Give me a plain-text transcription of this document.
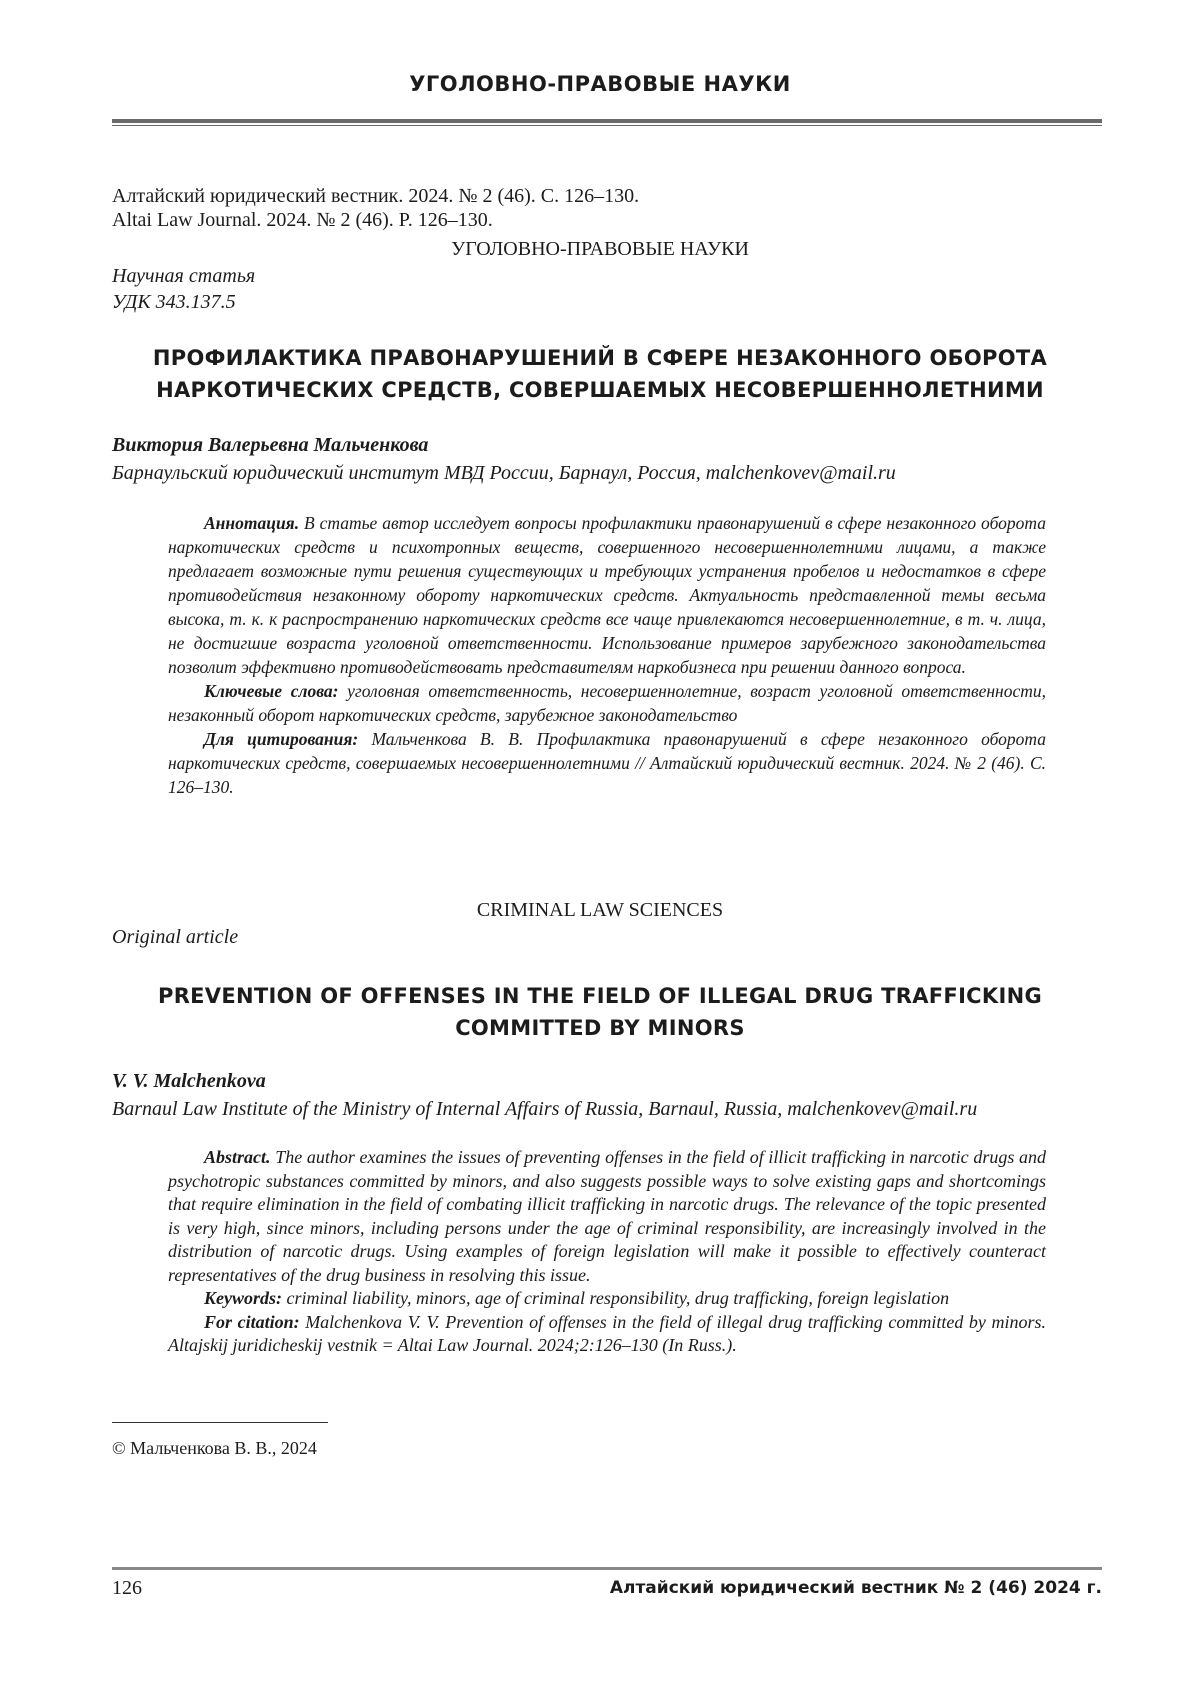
УГОЛОВНО-ПРАВОВЫЕ НАУКИ
Алтайский юридический вестник. 2024. № 2 (46). С. 126–130.
Altai Law Journal. 2024. № 2 (46). P. 126–130.
УГОЛОВНО-ПРАВОВЫЕ НАУКИ
Научная статья
УДК 343.137.5
ПРОФИЛАКТИКА ПРАВОНАРУШЕНИЙ В СФЕРЕ НЕЗАКОННОГО ОБОРОТА
НАРКОТИЧЕСКИХ СРЕДСТВ, СОВЕРШАЕМЫХ НЕСОВЕРШЕННОЛЕТНИМИ
Виктория Валерьевна Мальченкова
Барнаульский юридический институт МВД России, Барнаул, Россия, malchenkovev@mail.ru

Аннотация. В статье автор исследует вопросы профилактики правонарушений в сфере незаконного оборота наркотических средств и психотропных веществ, совершенного несовершеннолетними лицами, а также предлагает возможные пути решения существующих и требующих устранения пробелов и недостатков в сфере противодействия незаконному обороту наркотических средств. Актуальность представленной темы весьма высока, т. к. к распространению наркотических средств все чаще привлекаются несовершеннолетние, в т. ч. лица, не достигшие возраста уголовной ответственности. Использование примеров зарубежного законодательства позволит эффективно противодействовать представителям наркобизнеса при решении данного вопроса.

Ключевые слова: уголовная ответственность, несовершеннолетние, возраст уголовной ответственности, незаконный оборот наркотических средств, зарубежное законодательство

Для цитирования: Мальченкова В. В. Профилактика правонарушений в сфере незаконного оборота наркотических средств, совершаемых несовершеннолетними // Алтайский юридический вестник. 2024. № 2 (46). С. 126–130.

CRIMINAL LAW SCIENCES
Original article
PREVENTION OF OFFENSES IN THE FIELD OF ILLEGAL DRUG TRAFFICKING
COMMITTED BY MINORS
V. V. Malchenkova
Barnaul Law Institute of the Ministry of Internal Affairs of Russia, Barnaul, Russia, malchenkovev@mail.ru

Abstract. The author examines the issues of preventing offenses in the field of illicit trafficking in narcotic drugs and psychotropic substances committed by minors, and also suggests possible ways to solve existing gaps and shortcomings that require elimination in the field of combating illicit trafficking in narcotic drugs. The relevance of the topic presented is very high, since minors, including persons under the age of criminal responsibility, are increasingly involved in the distribution of narcotic drugs. Using examples of foreign legislation will make it possible to effectively counteract representatives of the drug business in resolving this issue.

Keywords: criminal liability, minors, age of criminal responsibility, drug trafficking, foreign legislation

For citation: Malchenkova V. V. Prevention of offenses in the field of illegal drug trafficking committed by minors. Altajskij juridicheskij vestnik = Altai Law Journal. 2024;2:126–130 (In Russ.).

© Мальченкова В. В., 2024
126	Алтайский юридический вестник № 2 (46) 2024 г.
